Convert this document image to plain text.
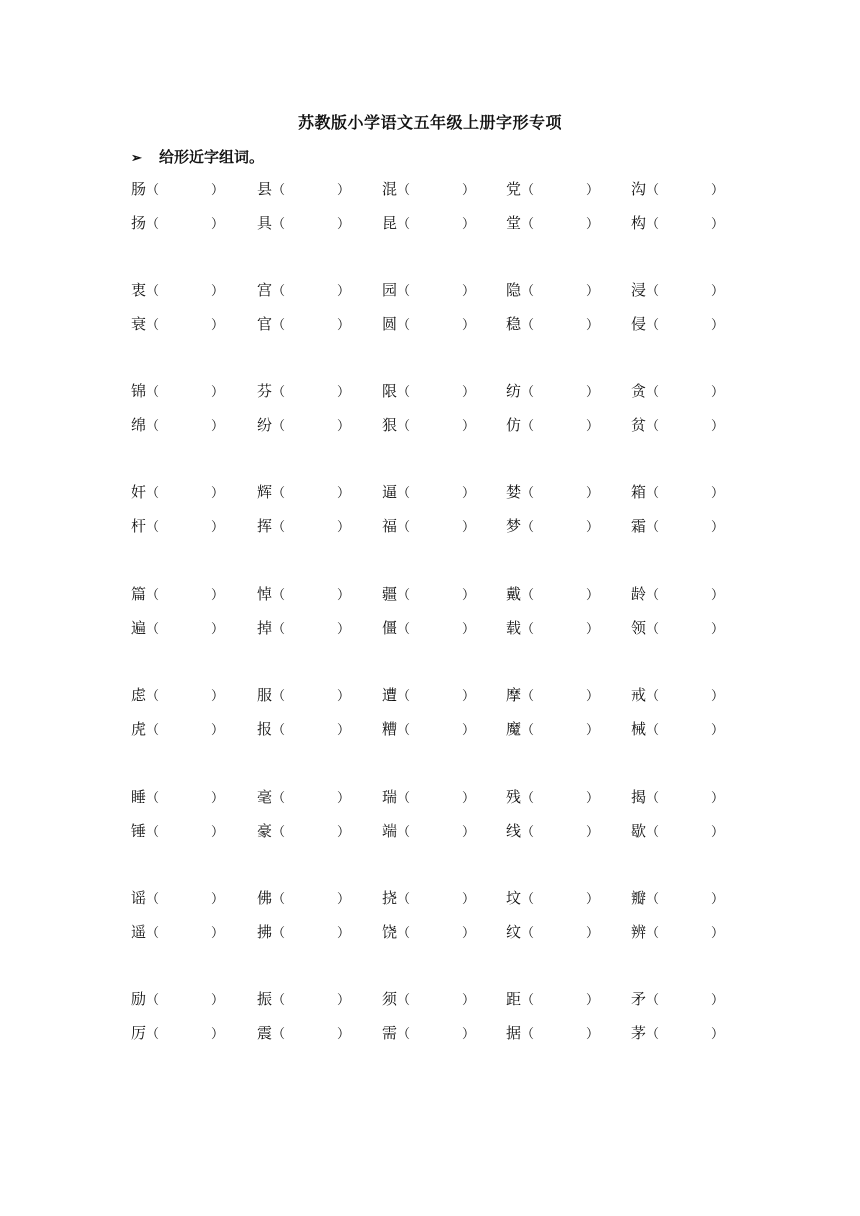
苏教版小学语文五年级上册字形专项
➢ 给形近字组词。
肠（	） 县（	） 混（	） 党（	） 沟（	）
扬（	） 具（	） 昆（	） 堂（	） 构（	）
衷（	） 宫（	） 园（	） 隐（	） 浸（	）
衰（	） 官（	） 圆（	） 稳（	） 侵（	）
锦（	） 芬（	） 限（	） 纺（	） 贪（	）
绵（	） 纷（	） 狠（	） 仿（	） 贫（	）
奸（	） 辉（	） 逼（	） 婪（	） 箱（	）
杆（	） 挥（	） 福（	） 梦（	） 霜（	）
篇（	） 悼（	） 疆（	） 戴（	） 龄（	）
遍（	） 掉（	） 僵（	） 载（	） 领（	）
虑（	） 服（	） 遭（	） 摩（	） 戒（	）
虎（	） 报（	） 糟（	） 魔（	） 械（	）
睡（	） 毫（	） 瑞（	） 残（	） 揭（	）
锤（	） 豪（	） 端（	） 线（	） 歇（	）
谣（	） 佛（	） 挠（	） 坟（	） 瓣（	）
遥（	） 拂（	） 饶（	） 纹（	） 辨（	）
励（	） 振（	） 须（	） 距（	） 矛（	）
厉（	） 震（	） 需（	） 据（	） 茅（	）
